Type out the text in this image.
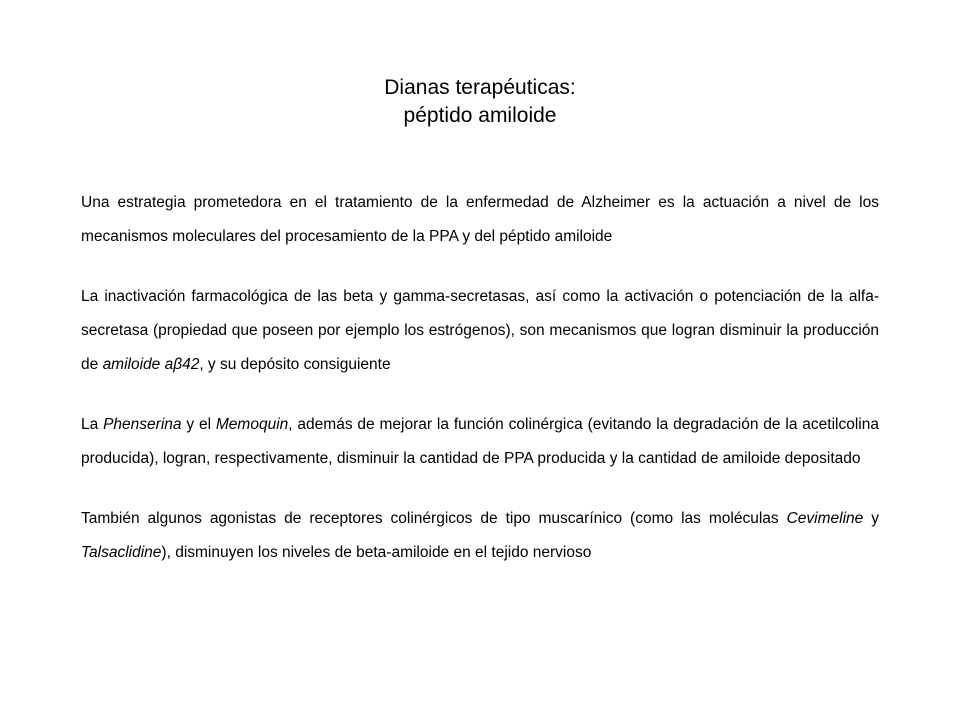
Dianas terapéuticas:
péptido amiloide

Una estrategia prometedora en el tratamiento de la enfermedad de Alzheimer es la actuación a nivel de los mecanismos moleculares del procesamiento de la PPA y del péptido amiloide

La inactivación farmacológica de las beta y gamma-secretasas, así como la activación o potenciación de la alfa-secretasa (propiedad que poseen por ejemplo los estrógenos), son mecanismos que logran disminuir la producción de amiloide aβ42, y su depósito consiguiente

La Phenserina y el Memoquin, además de mejorar la función colinérgica (evitando la degradación de la acetilcolina producida), logran, respectivamente, disminuir la cantidad de PPA producida y la cantidad de amiloide depositado

También algunos agonistas de receptores colinérgicos de tipo muscarínico (como las moléculas Cevimeline y Talsaclidine), disminuyen los niveles de beta-amiloide en el tejido nervioso
